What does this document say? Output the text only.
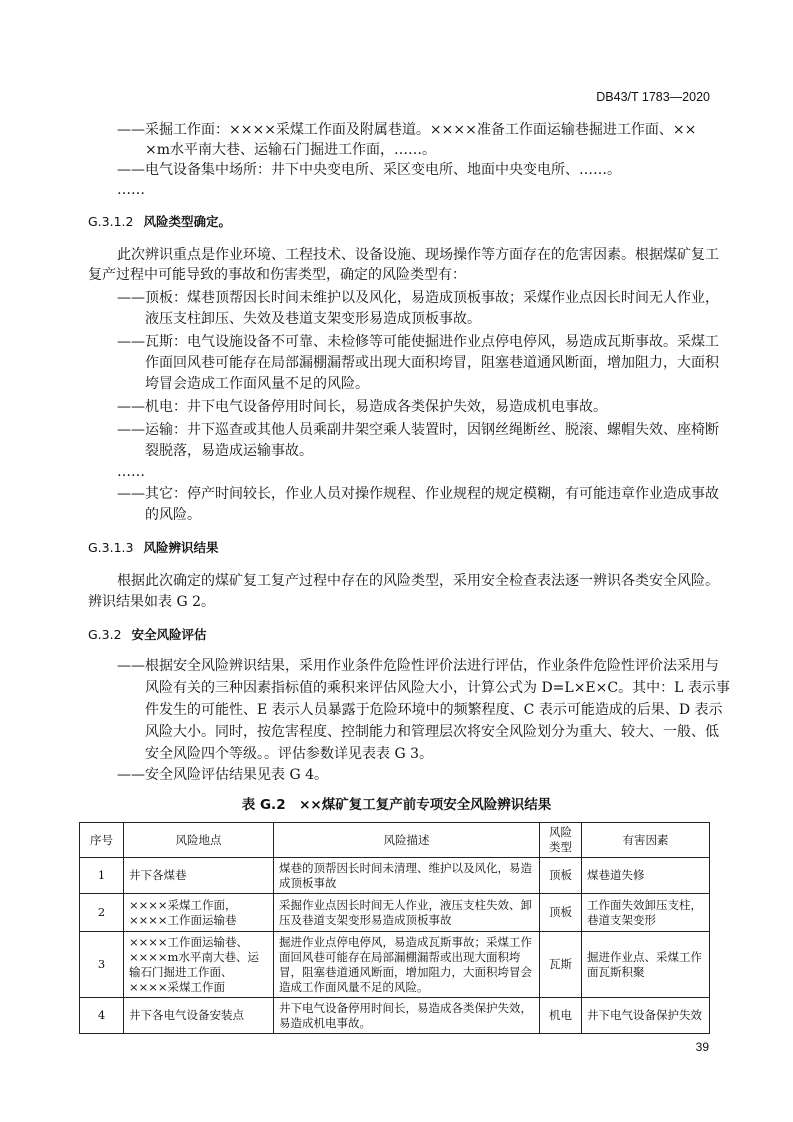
DB43/T 1783—2020
——采掘工作面：××××采煤工作面及附属巷道。××××准备工作面运输巷掘进工作面、××
×m水平南大巷、运输石门掘进工作面，……。
——电气设备集中场所：井下中央变电所、采区变电所、地面中央变电所、……。
……
G.3.1.2 风险类型确定。
此次辨识重点是作业环境、工程技术、设备设施、现场操作等方面存在的危害因素。根据煤矿复工
复产过程中可能导致的事故和伤害类型，确定的风险类型有：
——顶板：煤巷顶帮因长时间未维护以及风化，易造成顶板事故；采煤作业点因长时间无人作业，
液压支柱卸压、失效及巷道支架变形易造成顶板事故。
——瓦斯：电气设施设备不可靠、未检修等可能使掘进作业点停电停风，易造成瓦斯事故。采煤工
作面回风巷可能存在局部漏棚漏帮或出现大面积垮冒，阻塞巷道通风断面，增加阻力，大面积
垮冒会造成工作面风量不足的风险。
——机电：井下电气设备停用时间长，易造成各类保护失效，易造成机电事故。
——运输：井下巡查或其他人员乘副井架空乘人装置时，因钢丝绳断丝、脱滚、螺帽失效、座椅断
裂脱落，易造成运输事故。
……
——其它：停产时间较长，作业人员对操作规程、作业规程的规定模糊，有可能违章作业造成事故
的风险。
G.3.1.3 风险辨识结果
根据此次确定的煤矿复工复产过程中存在的风险类型，采用安全检查表法逐一辨识各类安全风险。
辨识结果如表 G 2。
G.3.2 安全风险评估
——根据安全风险辨识结果，采用作业条件危险性评价法进行评估，作业条件危险性评价法采用与
风险有关的三种因素指标值的乘积来评估风险大小，计算公式为 D=L×E×C。其中：L 表示事
件发生的可能性、E 表示人员暴露于危险环境中的频繁程度、C 表示可能造成的后果、D 表示
风险大小。同时，按危害程度、控制能力和管理层次将安全风险划分为重大、较大、一般、低
安全风险四个等级。。评估参数详见表表 G 3。
——安全风险评估结果见表 G 4。
表 G.2　××煤矿复工复产前专项安全风险辨识结果
序号	风险地点	风险描述	风险类型	有害因素
1	井下各煤巷	煤巷的顶帮因长时间未清理、维护以及风化，易造成顶板事故	顶板	煤巷道失修
2	××××采煤工作面，××××工作面运输巷	采掘作业点因长时间无人作业，液压支柱失效、卸压及巷道支架变形易造成顶板事故	顶板	工作面失效卸压支柱，巷道支架变形
3	××××工作面运输巷、××××m水平南大巷、运输石门掘进工作面、××××采煤工作面	掘进作业点停电停风，易造成瓦斯事故；采煤工作面回风巷可能存在局部漏棚漏帮或出现大面积垮冒，阻塞巷道通风断面，增加阻力，大面积垮冒会造成工作面风量不足的风险。	瓦斯	掘进作业点、采煤工作面瓦斯积聚
4	井下各电气设备安装点	井下电气设备停用时间长，易造成各类保护失效，易造成机电事故。	机电	井下电气设备保护失效
39
